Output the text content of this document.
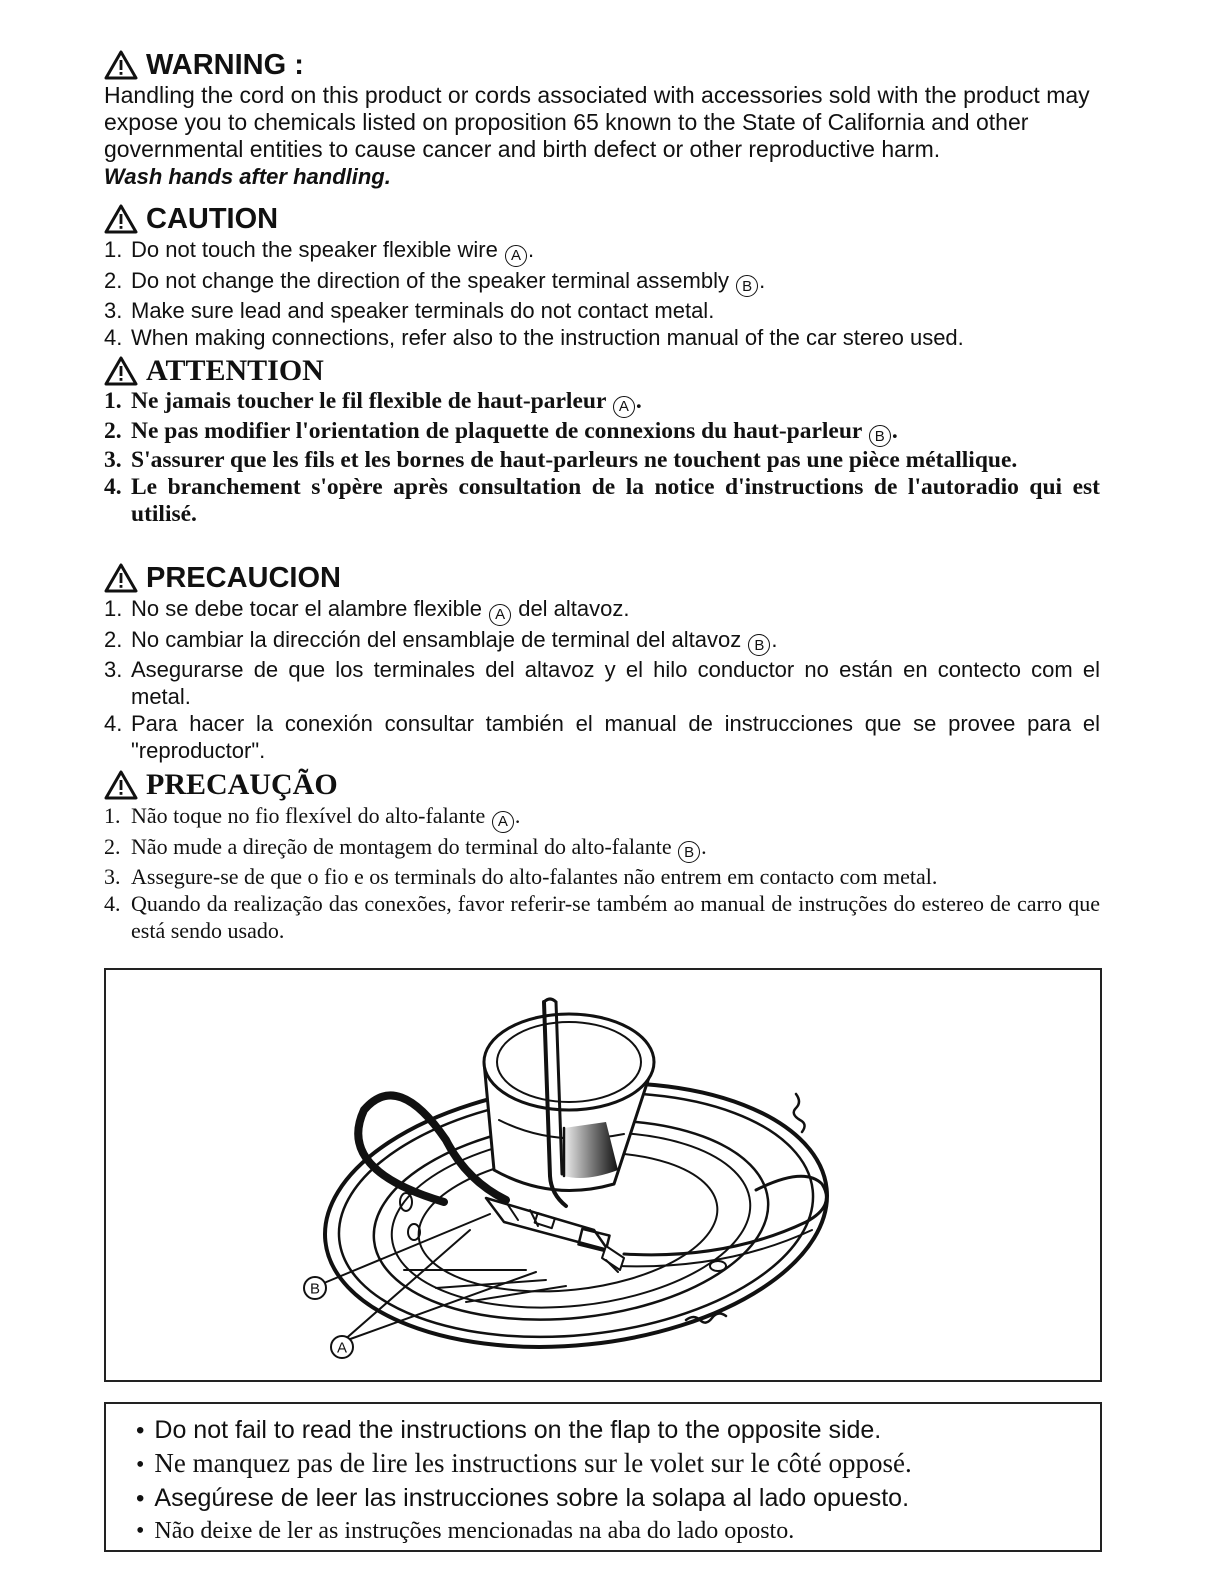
WARNING :

Handling the cord on this product or cords associated with accessories sold with the product may expose you to chemicals listed on proposition 65 known to the State of California and other governmental entities to cause cancer and birth defect or other reproductive harm.

Wash hands after handling.

CAUTION
1. Do not touch the speaker flexible wire A .
2. Do not change the direction of the speaker terminal assembly B .
3. Make sure lead and speaker terminals do not contact metal.
4. When making connections, refer also to the instruction manual of the car stereo used.
ATTENTION
1. Ne jamais toucher le fil flexible de haut-parleur A .
2. Ne pas modifier l'orientation de plaquette de connexions du haut-parleur B .
3. S'assurer que les fils et les bornes de haut-parleurs ne touchent pas une pièce métallique.
4. Le branchement s'opère après consultation de la notice d'instructions de l'autoradio qui est utilisé.
PRECAUCION
1. No se debe tocar el alambre flexible A del altavoz.
2. No cambiar la dirección del ensamblaje de terminal del altavoz B .
3. Asegurarse de que los terminales del altavoz y el hilo conductor no están en contecto com el metal.
4. Para hacer la conexión consultar también el manual de instrucciones que se provee para el "reproductor".
PRECAUÇÃO
1. Não toque no fio flexível do alto-falante A .
2. Não mude a direção de montagem do terminal do alto-falante B .
3. Assegure-se de que o fio e os terminals do alto-falantes não entrem em contacto com metal.
4. Quando da realização das conexões, favor referir-se também ao manual de instruções do estereo de carro que está sendo usado.
B
A
• Do not fail to read the instructions on the flap to the opposite side.
• Ne manquez pas de lire les instructions sur le volet sur le côté opposé.
• Asegúrese de leer las instrucciones sobre la solapa al lado opuesto.
• Não deixe de ler as instruções mencionadas na aba do lado oposto.
